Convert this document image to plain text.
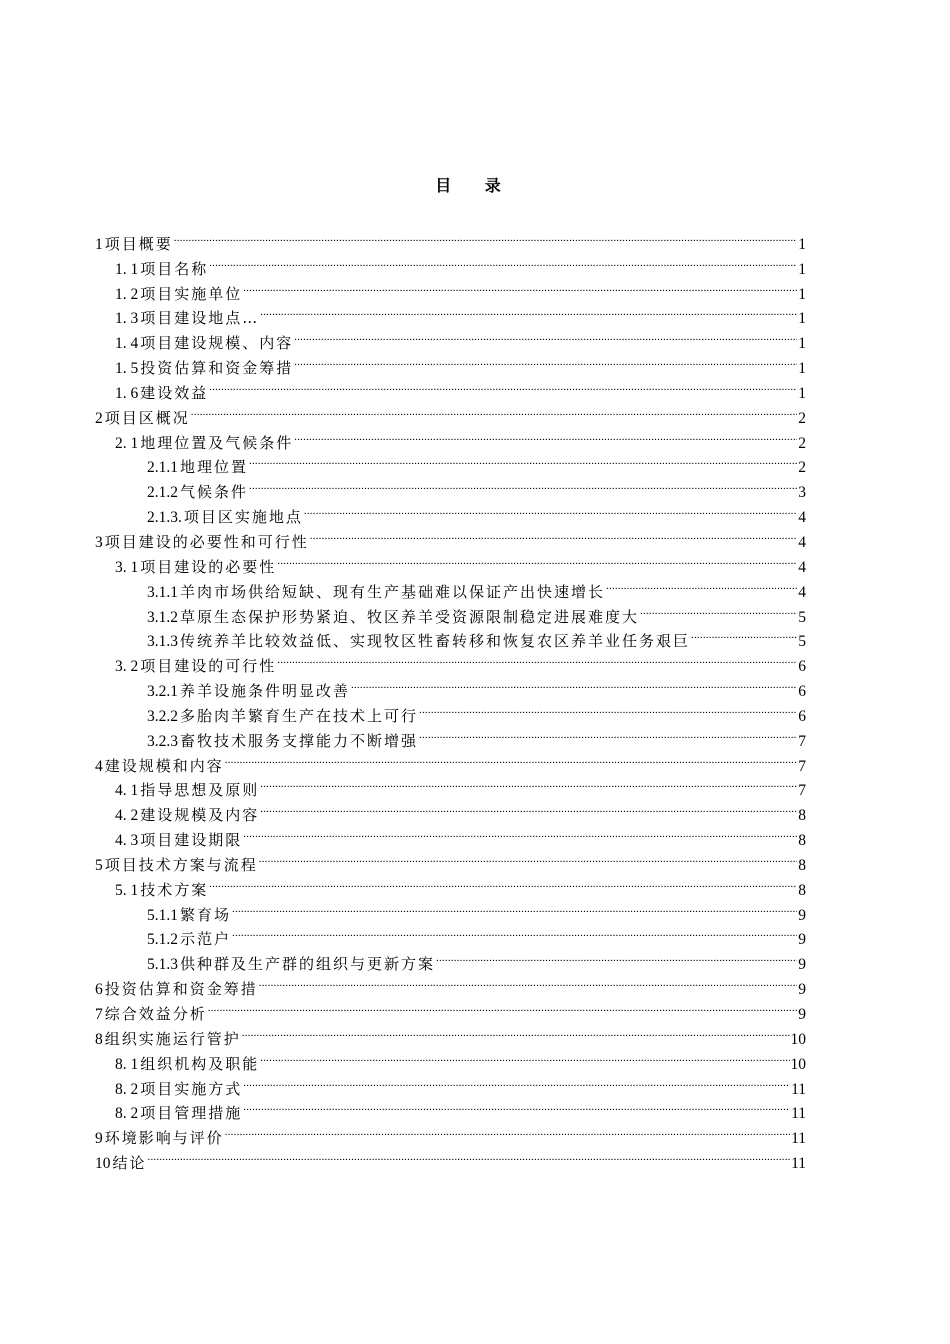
目 录
1 项目概要 .....	1
1. 1 项目名称 .....	1
1. 2 项目实施单位 .....	1
1. 3 项目建设地点… .....	1
1. 4 项目建设规模、内容 .....	1
1. 5 投资估算和资金筹措 .....	1
1. 6 建设效益 .....	1
2 项目区概况 .....	2
2. 1 地理位置及气候条件 .....	2
2.1.1 地理位置 .....	2
2.1.2 气候条件 .....	3
2.1.3. 项目区实施地点 .....	4
3 项目建设的必要性和可行性 .....	4
3. 1 项目建设的必要性 .....	4
3.1.1 羊肉市场供给短缺、现有生产基础难以保证产出快速增长 .....	4
3.1.2 草原生态保护形势紧迫、牧区养羊受资源限制稳定进展难度大 .....	5
3.1.3 传统养羊比较效益低、实现牧区牲畜转移和恢复农区养羊业任务艰巨 .....	5
3. 2 项目建设的可行性 .....	6
3.2.1 养羊设施条件明显改善 .....	6
3.2.2 多胎肉羊繁育生产在技术上可行 .....	6
3.2.3 畜牧技术服务支撑能力不断增强 .....	7
4 建设规模和内容 .....	7
4. 1 指导思想及原则 .....	7
4. 2 建设规模及内容 .....	8
4. 3 项目建设期限 .....	8
5 项目技术方案与流程 .....	8
5. 1 技术方案 .....	8
5.1.1 繁育场 .....	9
5.1.2 示范户 .....	9
5.1.3 供种群及生产群的组织与更新方案 .....	9
6 投资估算和资金筹措 .....	9
7 综合效益分析 .....	9
8 组织实施运行管护 .....	10
8. 1 组织机构及职能 .....	10
8. 2 项目实施方式 .....	11
8. 2 项目管理措施 .....	11
9 环境影响与评价 .....	11
10 结论 .....	11
